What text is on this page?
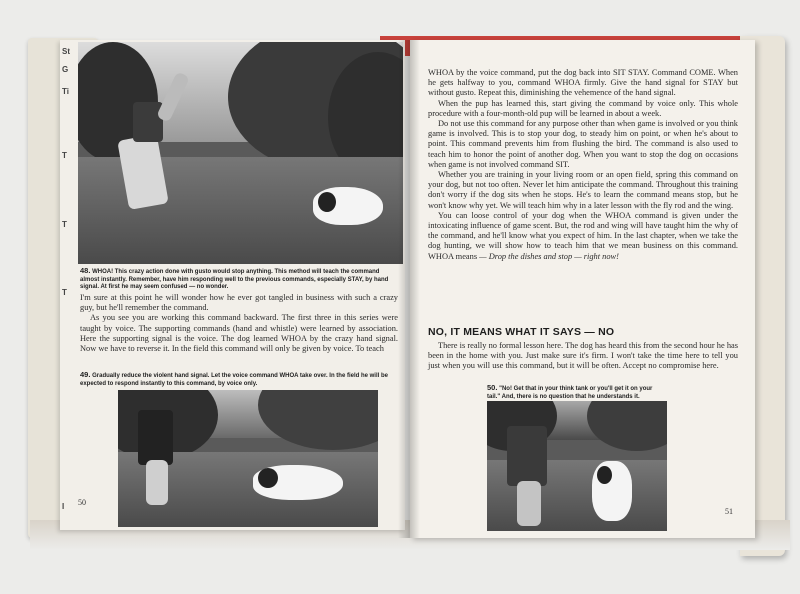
St
G
Ti
T
T
T
I
48. WHOA! This crazy action done with gusto would stop anything. This method will teach the command almost instantly. Remember, have him responding well to the previous commands, especially STAY, by hand signal. At first he may seem confused — no wonder.

I'm sure at this point he will wonder how he ever got tangled in business with such a crazy guy, but he'll remember the command.

As you see you are working this command backward. The first three in this series were taught by voice. The supporting commands (hand and whistle) were learned by association. Here the supporting signal is the voice. The dog learned WHOA by the crazy hand signal. Now we have to reverse it. In the field this command will only be given by voice. To teach

49. Gradually reduce the violent hand signal. Let the voice command WHOA take over. In the field he will be expected to respond instantly to this command, by voice only.
50

WHOA by the voice command, put the dog back into SIT STAY. Command COME. When he gets halfway to you, command WHOA firmly. Give the hand signal for STAY but without gusto. Repeat this, diminishing the vehemence of the hand signal.

When the pup has learned this, start giving the command by voice only. This whole procedure with a four-month-old pup will be learned in about a week.

Do not use this command for any purpose other than when game is involved or you think game is involved. This is to stop your dog, to steady him on point, or when he's about to point. This command prevents him from flushing the bird. The command is also used to teach him to honor the point of another dog. When you want to stop the dog on occasions when game is not involved command SIT.

Whether you are training in your living room or an open field, spring this command on your dog, but not too often. Never let him anticipate the command. Throughout this training don't worry if the dog sits when he stops. He's to learn the command means stop, but he won't know why yet. We will teach him why in a later lesson with the fly rod and the wing.

You can loose control of your dog when the WHOA command is given under the intoxicating influence of game scent. But, the rod and wing will have taught him the why of the command, and he'll know what you expect of him. In the last chapter, when we take the dog hunting, we will show how to teach him that we mean business on this command. WHOA means — Drop the dishes and stop — right now!

NO, IT MEANS WHAT IT SAYS — NO

There is really no formal lesson here. The dog has heard this from the second hour he has been in the home with you. Just make sure it's firm. I won't take the time here to tell you just when you will use this command, but it will be often. Accept no compromise here.

50. "No! Get that in your think tank or you'll get it on your tail." And, there is no question that he understands it.
51
